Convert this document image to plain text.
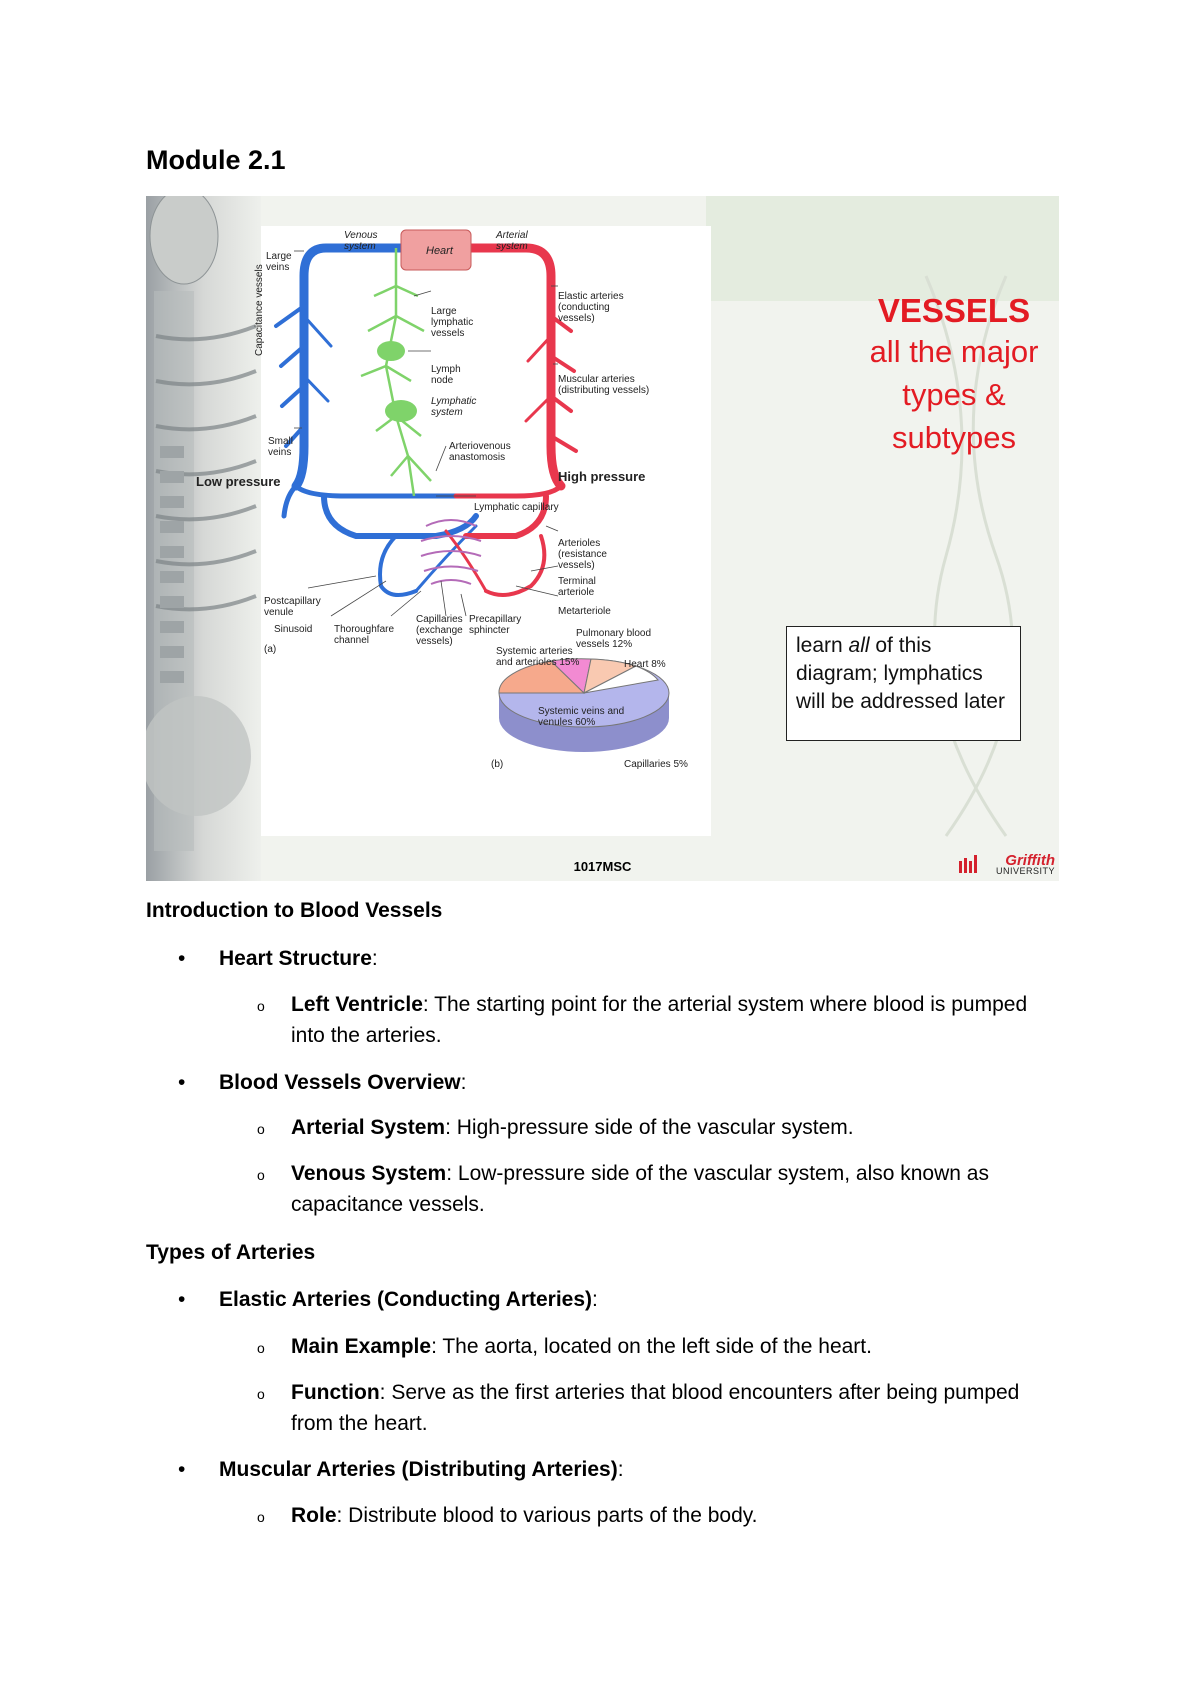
Module 2.1
Venous system
Arterial system
Heart
Large veins
Capacitance vessels
Small veins
Low pressure	High pressure
Elastic arteries (conducting vessels)
Large lymphatic vessels
Lymph node
Lymphatic system
Muscular arteries (distributing vessels)
Arteriovenous anastomosis
Lymphatic capillary
Arterioles (resistance vessels)
Terminal arteriole
Metarteriole
Postcapillary venule
Sinusoid Thoroughfare channel
Capillaries (exchange vessels)
Precapillary sphincter
(a)	Systemic arteries and arterioles 15%
Pulmonary blood vessels 12%
Heart 8%
Systemic veins and venules 60%
Capillaries 5%
(b)
VESSELS
all the major
types &
subtypes
learn all of this diagram; lymphatics will be addressed later
1017MSC	Griffith
UNIVERSITY
Introduction to Blood Vessels
•	Heart Structure:
o Left Ventricle: The starting point for the arterial system where blood is pumped into the arteries.
•	Blood Vessels Overview:
o Arterial System: High-pressure side of the vascular system.
o Venous System: Low-pressure side of the vascular system, also known as capacitance vessels.
Types of Arteries
•	Elastic Arteries (Conducting Arteries):
o Main Example: The aorta, located on the left side of the heart.
o Function: Serve as the first arteries that blood encounters after being pumped from the heart.
•	Muscular Arteries (Distributing Arteries):
o Role: Distribute blood to various parts of the body.
